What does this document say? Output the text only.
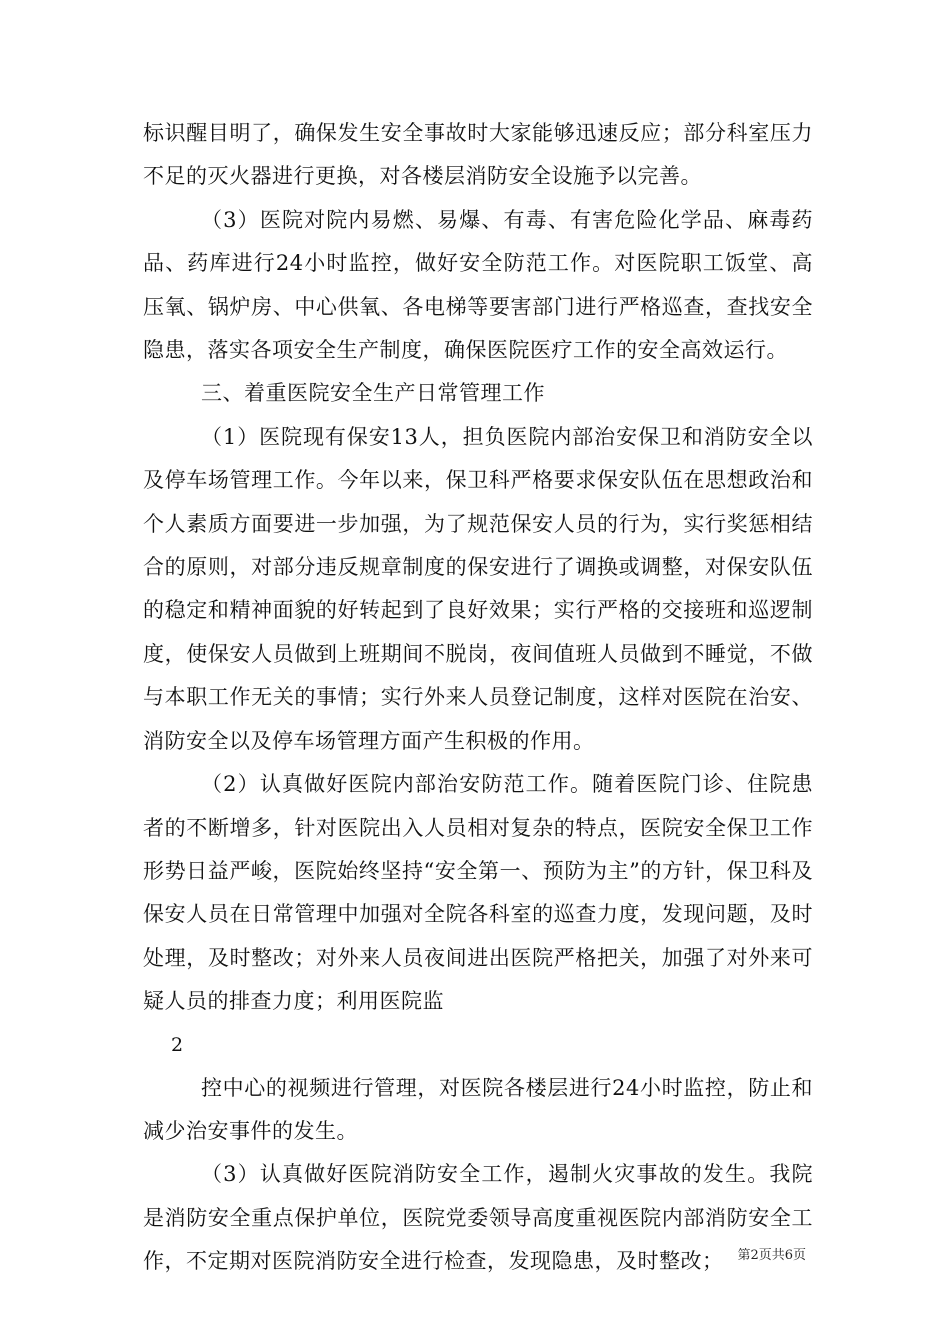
标识醒目明了，确保发生安全事故时大家能够迅速反应；部分科室压力不足的灭火器进行更换，对各楼层消防安全设施予以完善。

（3）医院对院内易燃、易爆、有毒、有害危险化学品、麻毒药品、药库进行24小时监控，做好安全防范工作。对医院职工饭堂、高压氧、锅炉房、中心供氧、各电梯等要害部门进行严格巡查，查找安全隐患，落实各项安全生产制度，确保医院医疗工作的安全高效运行。

三、着重医院安全生产日常管理工作

（1）医院现有保安13人，担负医院内部治安保卫和消防安全以及停车场管理工作。今年以来，保卫科严格要求保安队伍在思想政治和个人素质方面要进一步加强，为了规范保安人员的行为，实行奖惩相结合的原则，对部分违反规章制度的保安进行了调换或调整，对保安队伍的稳定和精神面貌的好转起到了良好效果；实行严格的交接班和巡逻制度，使保安人员做到上班期间不脱岗，夜间值班人员做到不睡觉，不做与本职工作无关的事情；实行外来人员登记制度，这样对医院在治安、消防安全以及停车场管理方面产生积极的作用。

（2）认真做好医院内部治安防范工作。随着医院门诊、住院患者的不断增多，针对医院出入人员相对复杂的特点，医院安全保卫工作形势日益严峻，医院始终坚持“安全第一、预防为主”的方针，保卫科及保安人员在日常管理中加强对全院各科室的巡查力度，发现问题，及时处理，及时整改；对外来人员夜间进出医院严格把关，加强了对外来可疑人员的排查力度；利用医院监

2

控中心的视频进行管理，对医院各楼层进行24小时监控，防止和减少治安事件的发生。

（3）认真做好医院消防安全工作，遏制火灾事故的发生。我院是消防安全重点保护单位，医院党委领导高度重视医院内部消防安全工作，不定期对医院消防安全进行检查，发现隐患，及时整改；	第2页共6页
